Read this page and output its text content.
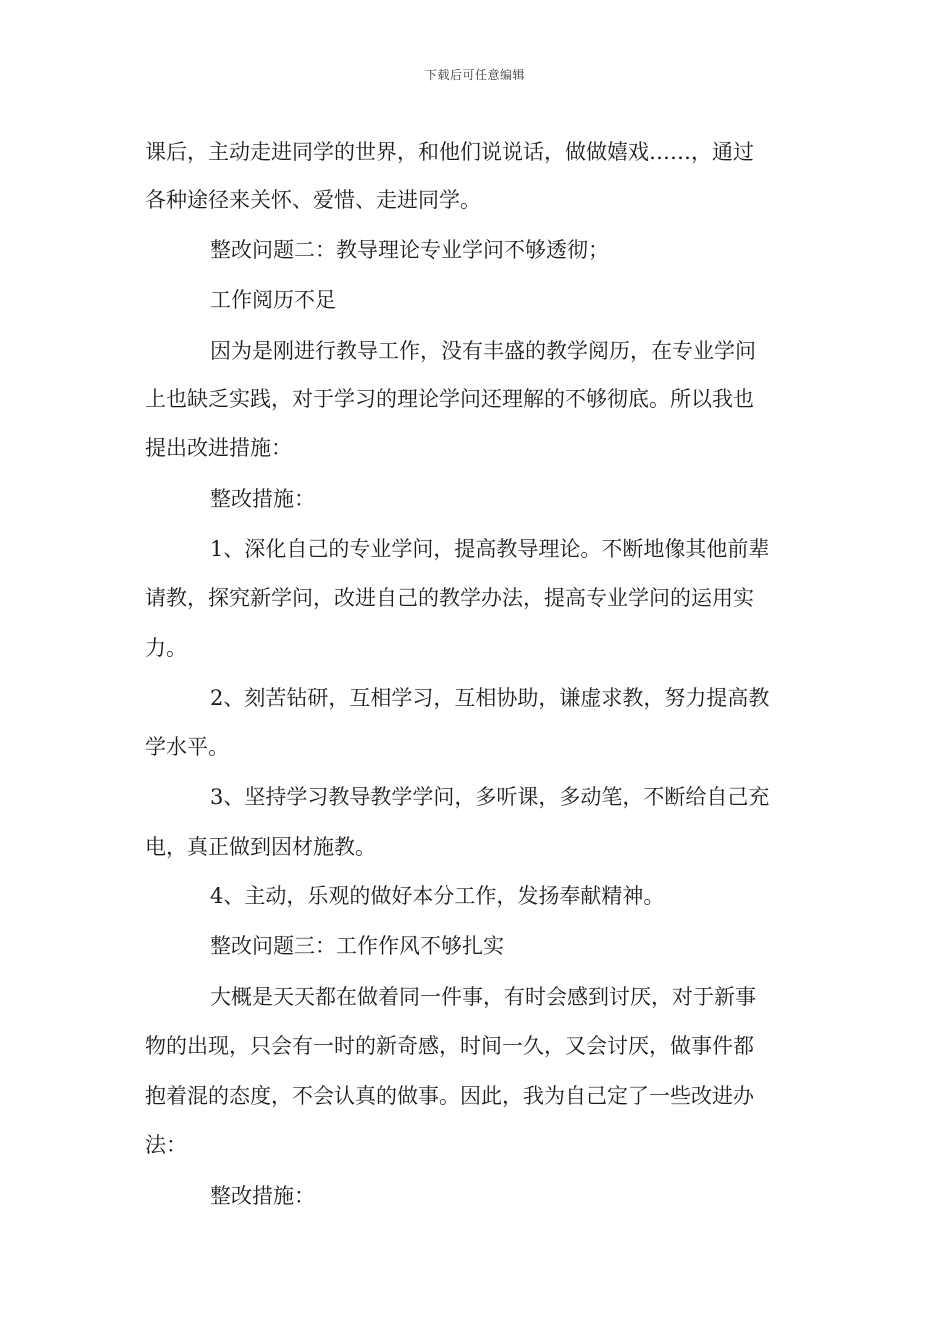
下载后可任意编辑

课后，主动走进同学的世界，和他们说说话，做做嬉戏……，通过

各种途径来关怀、爱惜、走进同学。

整改问题二：教导理论专业学问不够透彻；

工作阅历不足

因为是刚进行教导工作，没有丰盛的教学阅历，在专业学问

上也缺乏实践，对于学习的理论学问还理解的不够彻底。所以我也

提出改进措施：

整改措施：

1、深化自己的专业学问，提高教导理论。不断地像其他前辈

请教，探究新学问，改进自己的教学办法，提高专业学问的运用实

力。

2、刻苦钻研，互相学习，互相协助，谦虚求教，努力提高教

学水平。

3、坚持学习教导教学学问，多听课，多动笔，不断给自己充

电，真正做到因材施教。

4、主动，乐观的做好本分工作，发扬奉献精神。

整改问题三：工作作风不够扎实

大概是天天都在做着同一件事，有时会感到讨厌，对于新事

物的出现，只会有一时的新奇感，时间一久，又会讨厌，做事件都

抱着混的态度，不会认真的做事。因此，我为自己定了一些改进办

法：

整改措施：
